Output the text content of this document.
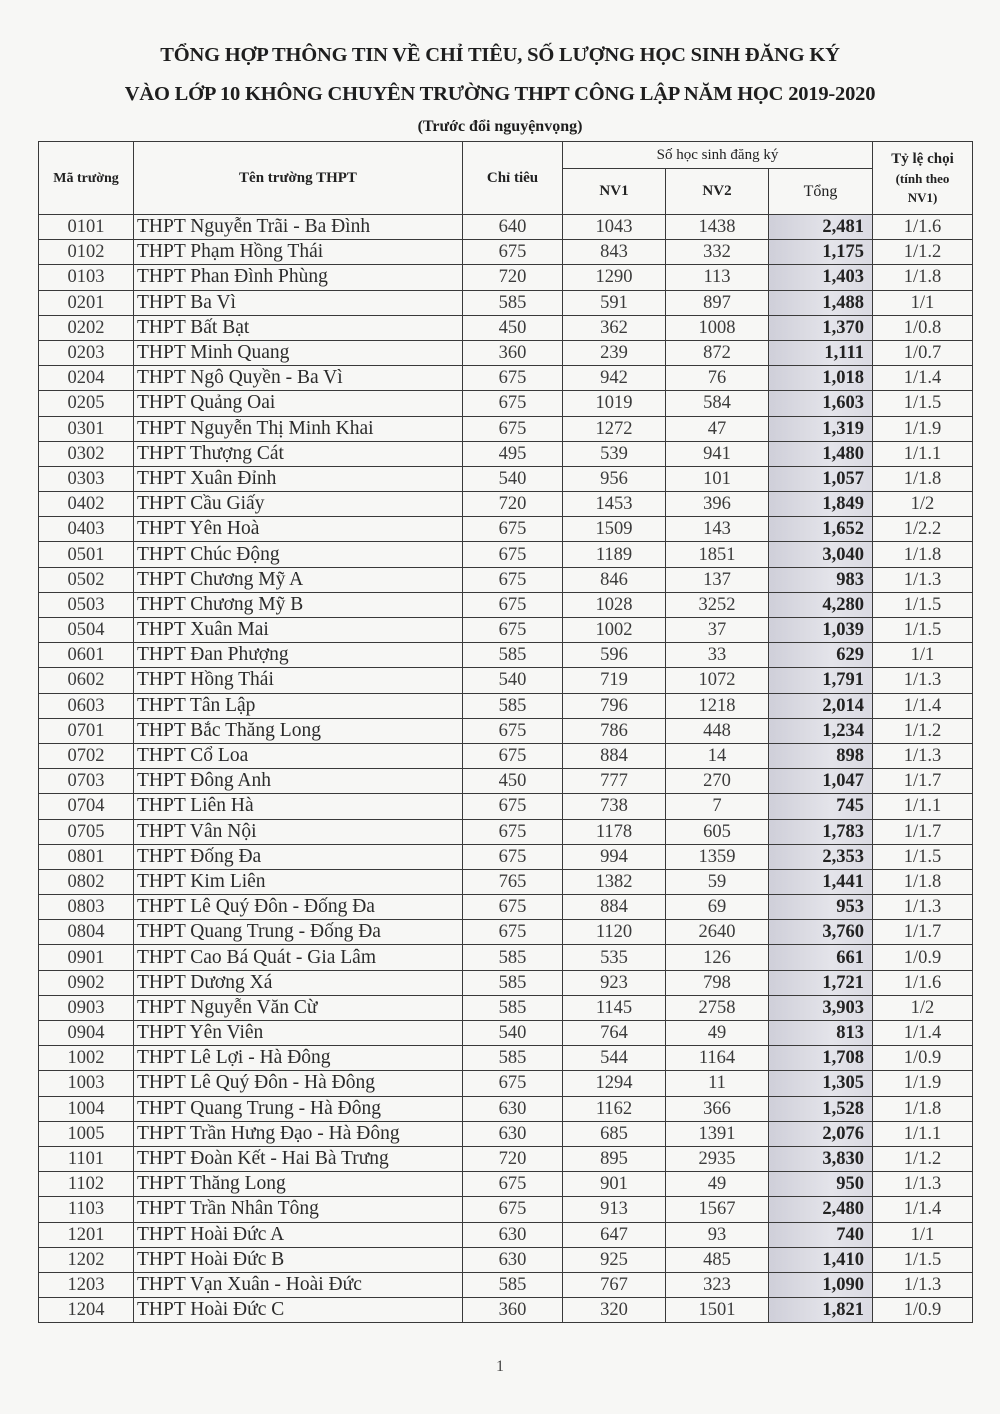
TỔNG HỢP THÔNG TIN VỀ CHỈ TIÊU, SỐ LƯỢNG HỌC SINH ĐĂNG KÝ
VÀO LỚP 10 KHÔNG CHUYÊN TRƯỜNG THPT CÔNG LẬP NĂM HỌC 2019-2020
(Trước đổi nguyệnvọng)
Mã trường	Tên trường THPT	Chỉ tiêu	Số học sinh đăng ký			Tỷ lệ chọi
(tính theo
NV1)

			NV1	NV2	Tổng	
0101	THPT Nguyễn Trãi - Ba Đình	640	1043	1438	2,481	1/1.6
0102	THPT Phạm Hồng Thái	675	843	332	1,175	1/1.2
0103	THPT Phan Đình Phùng	720	1290	113	1,403	1/1.8
0201	THPT Ba Vì	585	591	897	1,488	1/1
0202	THPT Bất Bạt	450	362	1008	1,370	1/0.8
0203	THPT Minh Quang	360	239	872	1,111	1/0.7
0204	THPT Ngô Quyền - Ba Vì	675	942	76	1,018	1/1.4
0205	THPT Quảng Oai	675	1019	584	1,603	1/1.5
0301	THPT Nguyễn Thị Minh Khai	675	1272	47	1,319	1/1.9
0302	THPT Thượng Cát	495	539	941	1,480	1/1.1
0303	THPT Xuân Đỉnh	540	956	101	1,057	1/1.8
0402	THPT Cầu Giấy	720	1453	396	1,849	1/2
0403	THPT Yên Hoà	675	1509	143	1,652	1/2.2
0501	THPT Chúc Động	675	1189	1851	3,040	1/1.8
0502	THPT Chương Mỹ A	675	846	137	983	1/1.3
0503	THPT Chương Mỹ B	675	1028	3252	4,280	1/1.5
0504	THPT Xuân Mai	675	1002	37	1,039	1/1.5
0601	THPT Đan Phượng	585	596	33	629	1/1
0602	THPT Hồng Thái	540	719	1072	1,791	1/1.3
0603	THPT Tân Lập	585	796	1218	2,014	1/1.4
0701	THPT Bắc Thăng Long	675	786	448	1,234	1/1.2
0702	THPT Cổ Loa	675	884	14	898	1/1.3
0703	THPT Đông Anh	450	777	270	1,047	1/1.7
0704	THPT Liên Hà	675	738	7	745	1/1.1
0705	THPT Vân Nội	675	1178	605	1,783	1/1.7
0801	THPT Đống Đa	675	994	1359	2,353	1/1.5
0802	THPT Kim Liên	765	1382	59	1,441	1/1.8
0803	THPT Lê Quý Đôn - Đống Đa	675	884	69	953	1/1.3
0804	THPT Quang Trung - Đống Đa	675	1120	2640	3,760	1/1.7
0901	THPT Cao Bá Quát - Gia Lâm	585	535	126	661	1/0.9
0902	THPT Dương Xá	585	923	798	1,721	1/1.6
0903	THPT Nguyễn Văn Cừ	585	1145	2758	3,903	1/2
0904	THPT Yên Viên	540	764	49	813	1/1.4
1002	THPT Lê Lợi - Hà Đông	585	544	1164	1,708	1/0.9
1003	THPT Lê Quý Đôn - Hà Đông	675	1294	11	1,305	1/1.9
1004	THPT Quang Trung - Hà Đông	630	1162	366	1,528	1/1.8
1005	THPT Trần Hưng Đạo - Hà Đông	630	685	1391	2,076	1/1.1
1101	THPT Đoàn Kết - Hai Bà Trưng	720	895	2935	3,830	1/1.2
1102	THPT Thăng Long	675	901	49	950	1/1.3
1103	THPT Trần Nhân Tông	675	913	1567	2,480	1/1.4
1201	THPT Hoài Đức A	630	647	93	740	1/1
1202	THPT Hoài Đức B	630	925	485	1,410	1/1.5
1203	THPT Vạn Xuân - Hoài Đức	585	767	323	1,090	1/1.3
1204	THPT Hoài Đức C	360	320	1501	1,821	1/0.9
1
